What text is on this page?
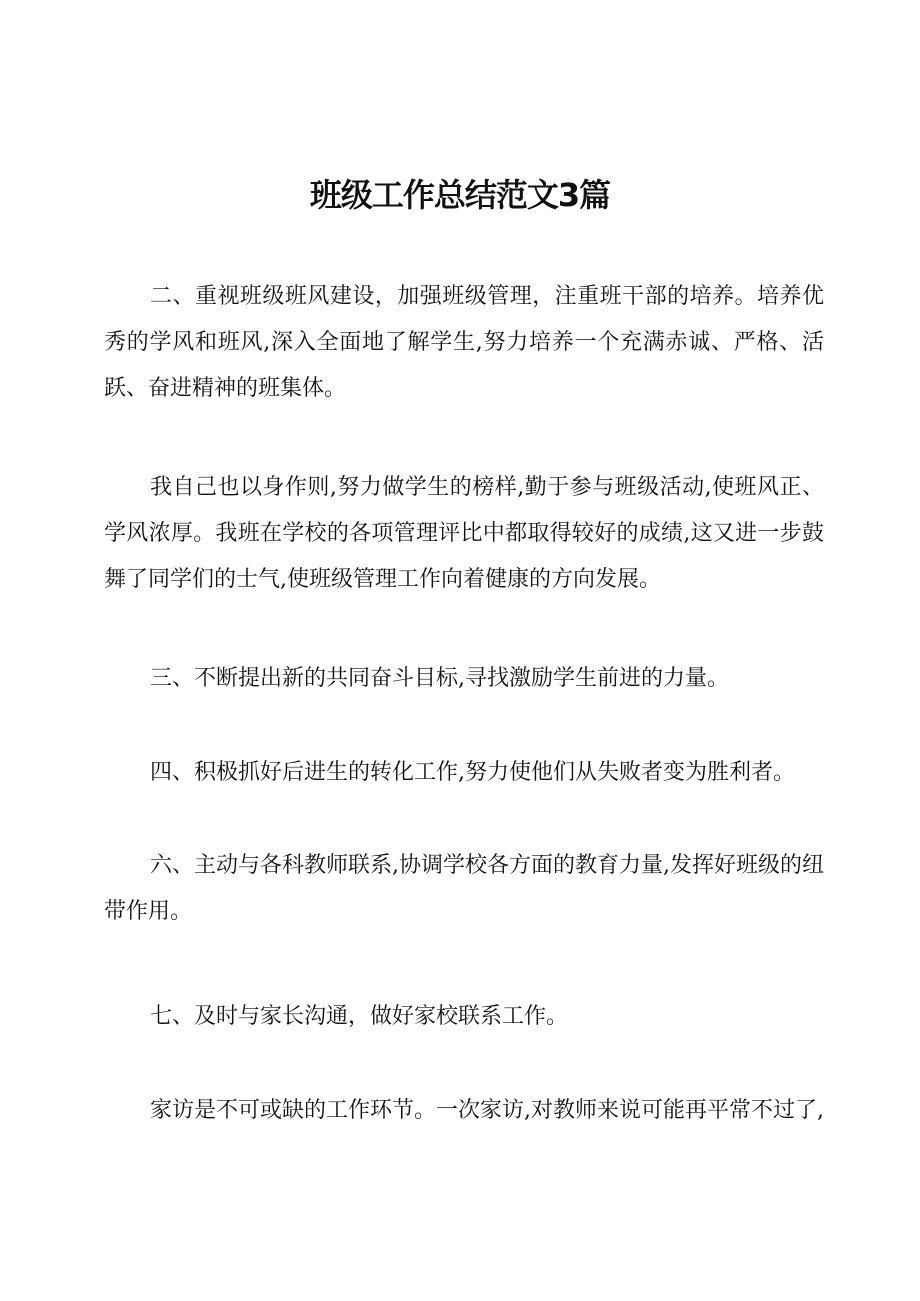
班级工作总结范文3篇

二、重视班级班风建设，加强班级管理，注重班干部的培养。培养优秀的学风和班风,深入全面地了解学生,努力培养一个充满赤诚、严格、活跃、奋进精神的班集体。

我自己也以身作则,努力做学生的榜样,勤于参与班级活动,使班风正、学风浓厚。我班在学校的各项管理评比中都取得较好的成绩,这又进一步鼓舞了同学们的士气,使班级管理工作向着健康的方向发展。

三、不断提出新的共同奋斗目标,寻找激励学生前进的力量。

四、积极抓好后进生的转化工作,努力使他们从失败者变为胜利者。

六、主动与各科教师联系,协调学校各方面的教育力量,发挥好班级的纽带作用。

七、及时与家长沟通，做好家校联系工作。

家访是不可或缺的工作环节。一次家访,对教师来说可能再平常不过了,
